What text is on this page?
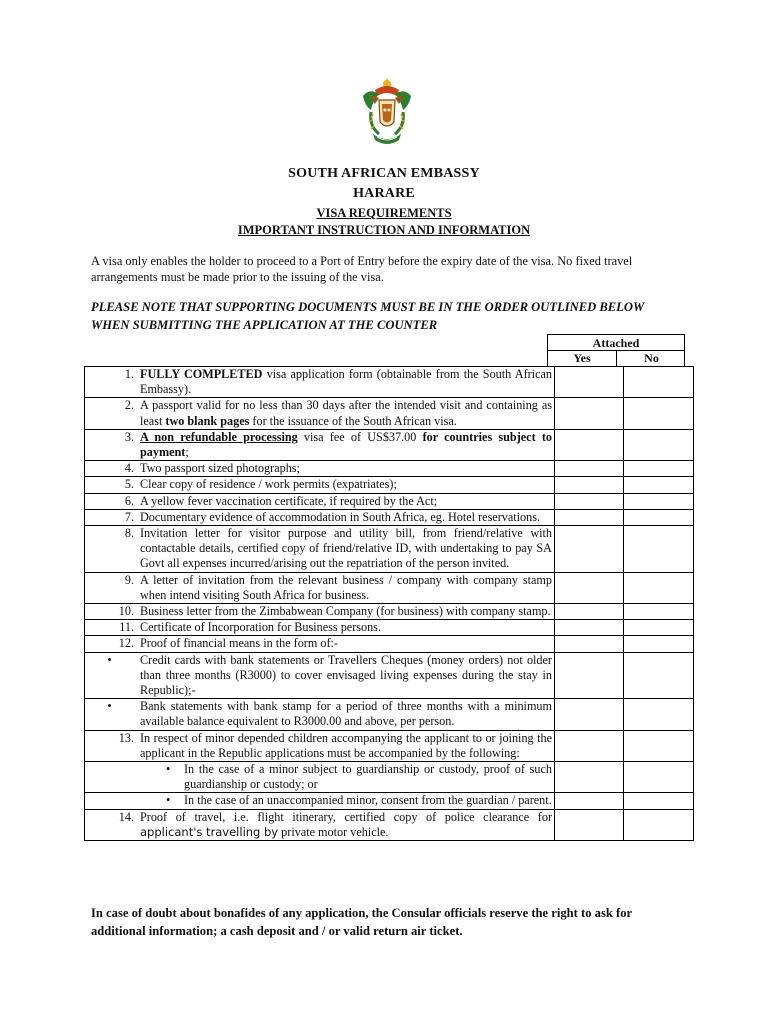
SOUTH AFRICAN EMBASSY
HARARE
VISA REQUIREMENTS
IMPORTANT INSTRUCTION AND INFORMATION
A visa only enables the holder to proceed to a Port of Entry before the expiry date of the visa. No fixed travel arrangements must be made prior to the issuing of the visa.
PLEASE NOTE THAT SUPPORTING DOCUMENTS MUST BE IN THE ORDER OUTLINED BELOW WHEN SUBMITTING THE APPLICATION AT THE COUNTER
Attached
Yes	No
1.	FULLY COMPLETED visa application form (obtainable from the South African Embassy).		
2.	A passport valid for no less than 30 days after the intended visit and containing as least two blank pages for the issuance of the South African visa.		
3.	A non refundable processing visa fee of US$37.00 for countries subject to payment;		
4.	Two passport sized photographs;		
5.	Clear copy of residence / work permits (expatriates);		
6.	A yellow fever vaccination certificate, if required by the Act;		
7.	Documentary evidence of accommodation in South Africa, eg. Hotel reservations.		
8.	Invitation letter for visitor purpose and utility bill, from friend/relative with contactable details, certified copy of friend/relative ID, with undertaking to pay SA Govt all expenses incurred/arising out the repatriation of the person invited.		
9.	A letter of invitation from the relevant business / company with company stamp when intend visiting South Africa for business.		
10.	Business letter from the Zimbabwean Company (for business) with company stamp.		
11.	Certificate of Incorporation for Business persons.		
12.	Proof of financial means in the form of:-		
•	Credit cards with bank statements or Travellers Cheques (money orders) not older than three months (R3000) to cover envisaged living expenses during the stay in Republic);-		
•	Bank statements with bank stamp for a period of three months with a minimum available balance equivalent to R3000.00 and above, per person.		
13.	In respect of minor depended children accompanying the applicant to or joining the applicant in the Republic applications must be accompanied by the following:		

	• In the case of a minor subject to guardianship or custody, proof of such guardianship or custody; or		

	• In the case of an unaccompanied minor, consent from the guardian / parent.		

14.	Proof of travel, i.e. flight itinerary, certified copy of police clearance for applicant's travelling by private motor vehicle.		
In case of doubt about bonafides of any application, the Consular officials reserve the right to ask for additional information; a cash deposit and / or valid return air ticket.
